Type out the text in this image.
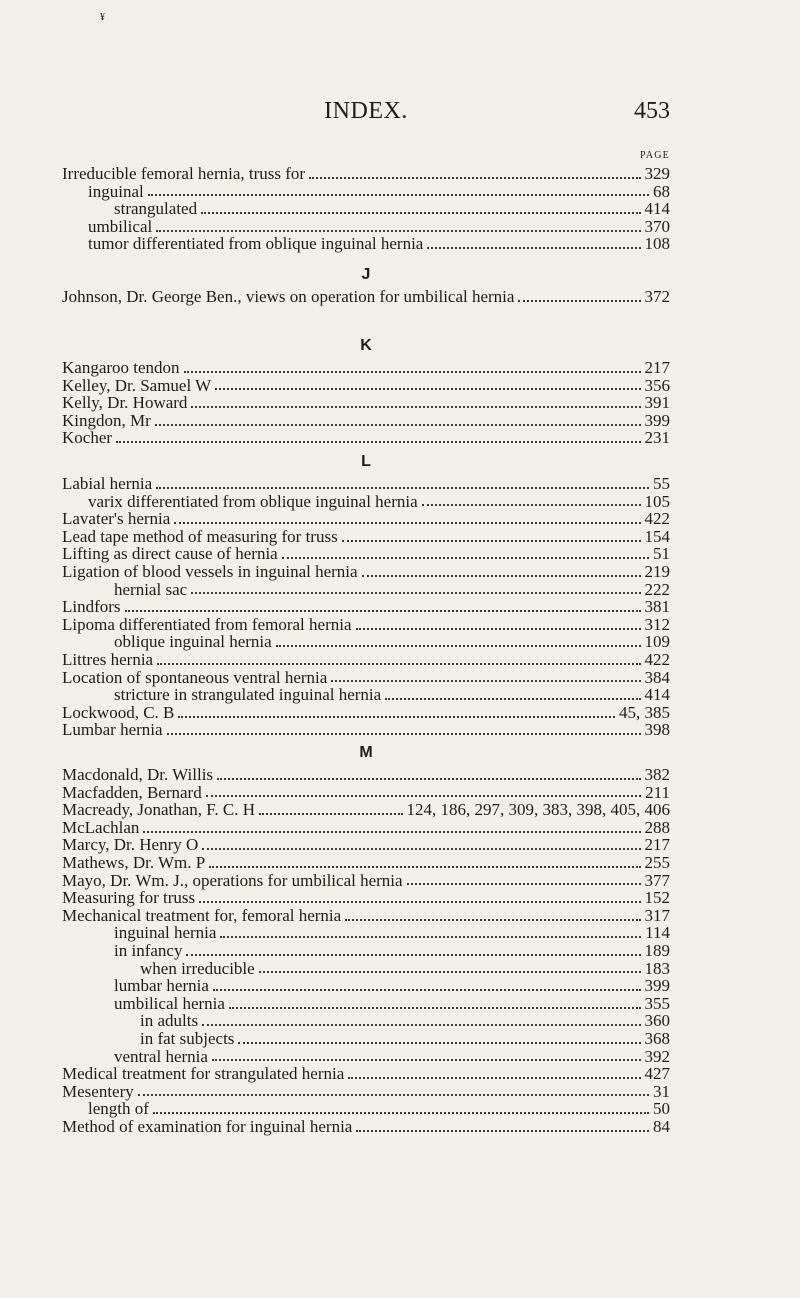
¥
INDEX.	453
PAGE
Irreducible femoral hernia, truss for	329
inguinal	68
strangulated	414
umbilical	370
tumor differentiated from oblique inguinal hernia	108
J
Johnson, Dr. George Ben., views on operation for umbilical hernia	372
K
Kangaroo tendon	217
Kelley, Dr. Samuel W	356
Kelly, Dr. Howard	391
Kingdon, Mr	399
Kocher	231
L
Labial hernia	55
varix differentiated from oblique inguinal hernia	105
Lavater's hernia	422
Lead tape method of measuring for truss	154
Lifting as direct cause of hernia	51
Ligation of blood vessels in inguinal hernia	219
hernial sac	222
Lindfors	381
Lipoma differentiated from femoral hernia	312
oblique inguinal hernia	109
Littres hernia	422
Location of spontaneous ventral hernia	384
stricture in strangulated inguinal hernia	414
Lockwood, C. B	45, 385
Lumbar hernia	398
M
Macdonald, Dr. Willis	382
Macfadden, Bernard	211
Macready, Jonathan, F. C. H	124, 186, 297, 309, 383, 398, 405, 406
McLachlan	288
Marcy, Dr. Henry O	217
Mathews, Dr. Wm. P	255
Mayo, Dr. Wm. J., operations for umbilical hernia	377
Measuring for truss	152
Mechanical treatment for, femoral hernia	317
inguinal hernia	114
in infancy	189
when irreducible	183
lumbar hernia	399
umbilical hernia	355
in adults	360
in fat subjects	368
ventral hernia	392
Medical treatment for strangulated hernia	427
Mesentery	31
length of	50
Method of examination for inguinal hernia	84
